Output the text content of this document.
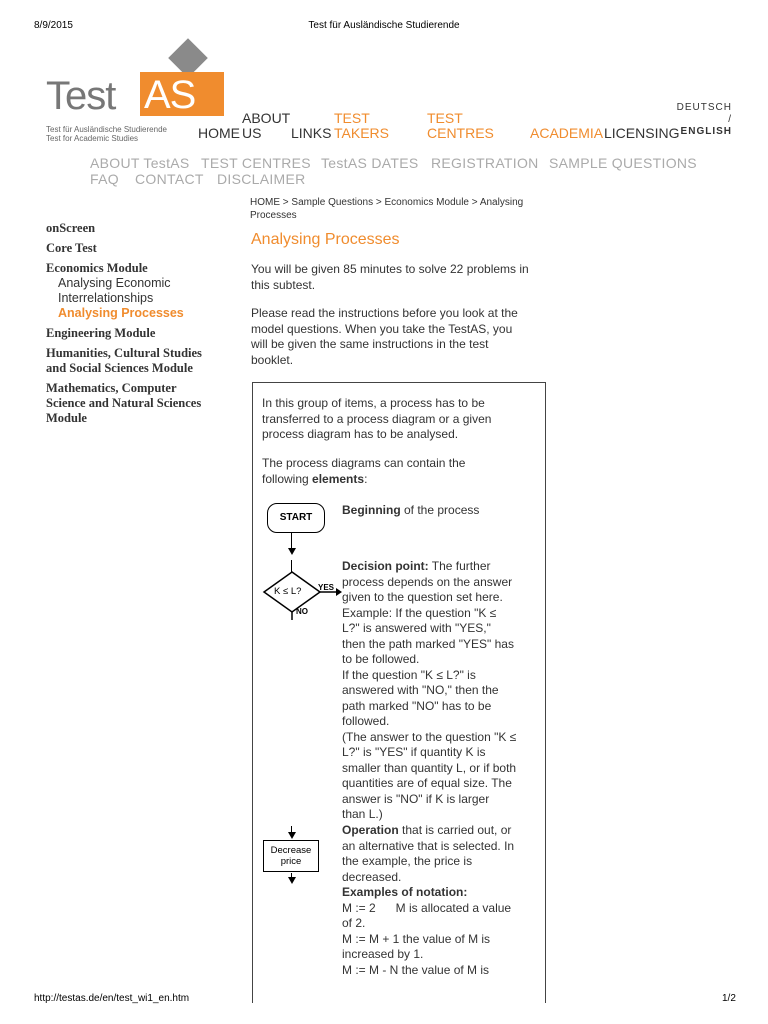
8/9/2015	Test für Ausländische Studierende
Test AS
Test für Ausländische Studierende
Test for Academic Studies	HOME
ABOUT
US	LINKS
TEST
TAKERS
TEST
CENTRES	ACADEMIA LICENSING
DEUTSCH
/
ENGLISH
ABOUT TestAS TEST CENTRES TestAS DATES REGISTRATION SAMPLE QUESTIONS
FAQ CONTACT DISCLAIMER
HOME > Sample Questions > Economics Module > Analysing
Processes
onScreen
Core Test
Economics Module
Analysing Economic
Interrelationships
Analysing Processes
Engineering Module
Humanities, Cultural Studies
and Social Sciences Module
Mathematics, Computer
Science and Natural Sciences
Module
Analysing Processes
You will be given 85 minutes to solve 22 problems in
this subtest.
Please read the instructions before you look at the
model questions. When you take the TestAS, you
will be given the same instructions in the test
booklet.
In this group of items, a process has to be
transferred to a process diagram or a given
process diagram has to be analysed.
The process diagrams can contain the
following elements:
START
Beginning of the process
K ≤ L? YES
NO
Decision point: The further
process depends on the answer
given to the question set here.
Example: If the question "K ≤
L?" is answered with "YES,"
then the path marked "YES" has
to be followed.
If the question "K ≤ L?" is
answered with "NO," then the
path marked "NO" has to be
followed.
(The answer to the question "K ≤
L?" is "YES" if quantity K is
smaller than quantity L, or if both
quantities are of equal size. The
answer is "NO" if K is larger
than L.)
Decrease
price
Operation that is carried out, or
an alternative that is selected. In
the example, the price is
decreased.
Examples of notation:
M := 2      M is allocated a value
of 2.
M := M + 1 the value of M is
increased by 1.
M := M - N the value of M is
http://testas.de/en/test_wi1_en.htm	1/2
